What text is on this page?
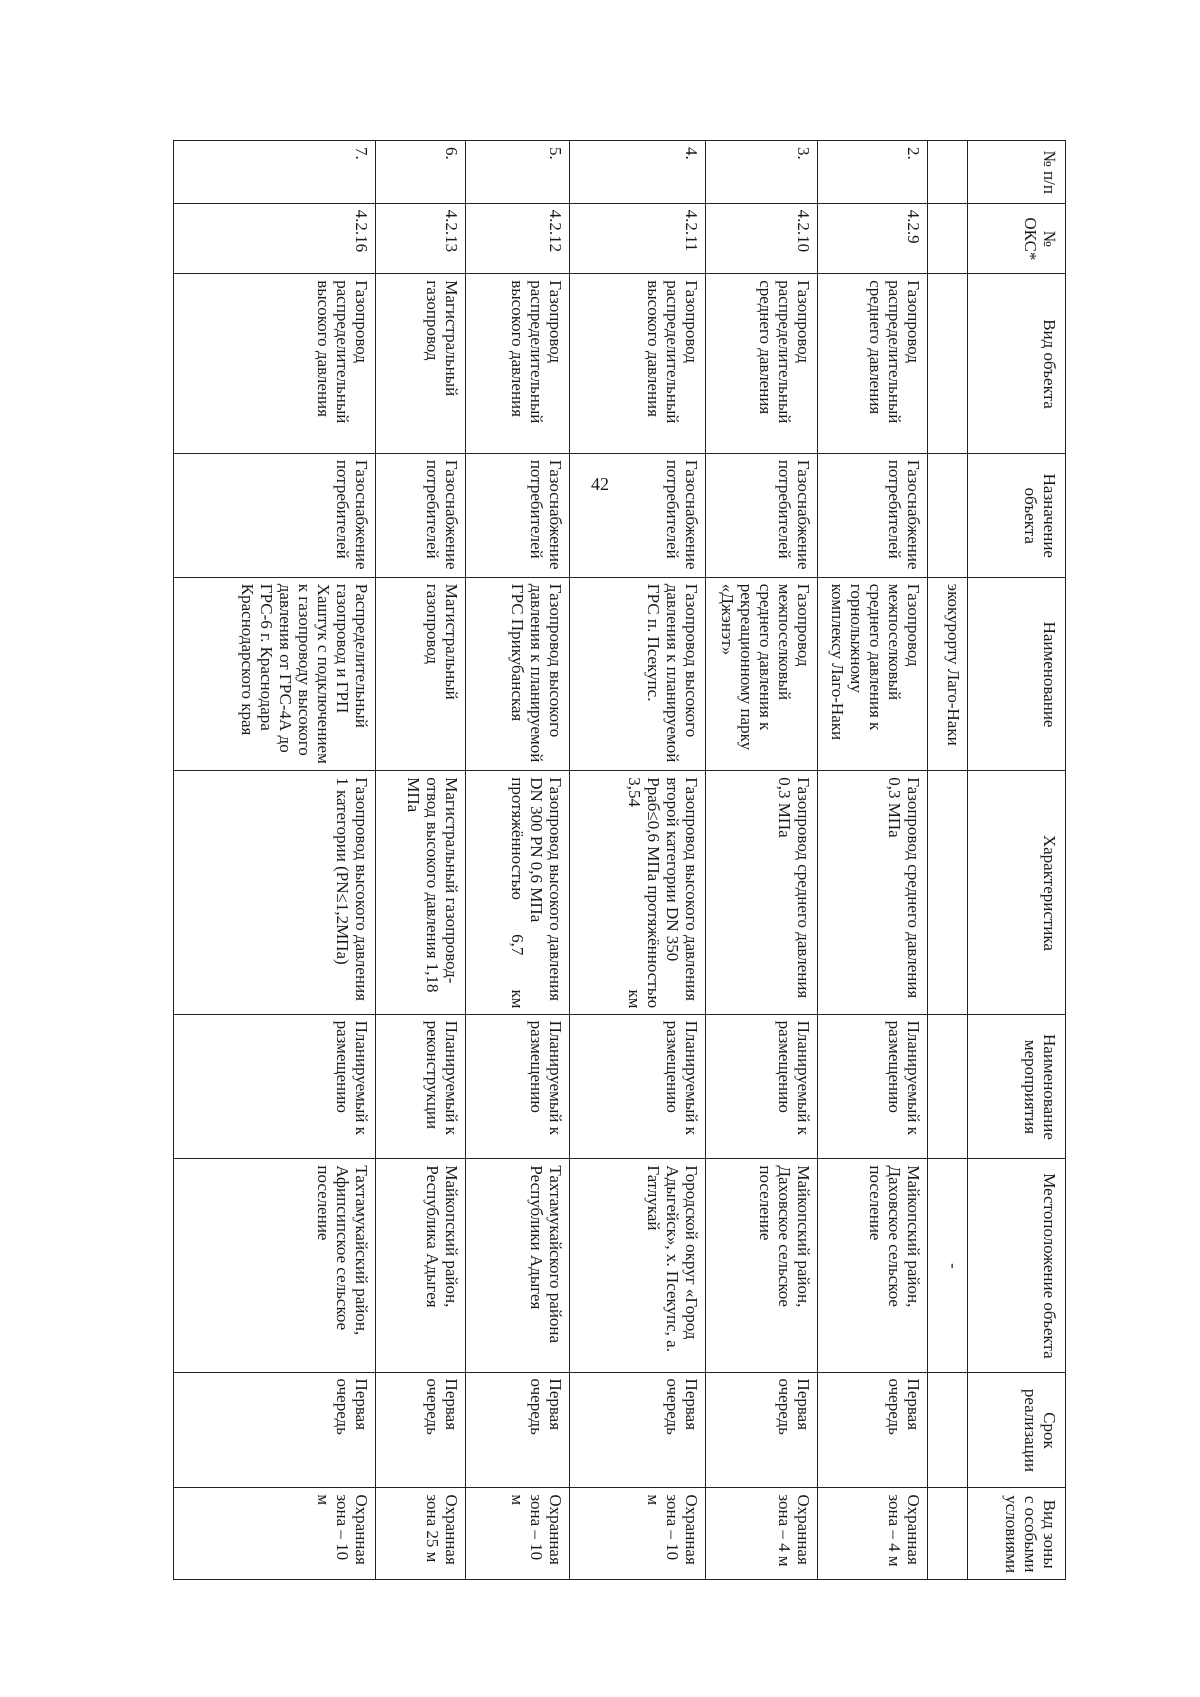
42
№ п/п	№ ОКС*	Вид объекта	Назначение объекта	Наименование	Характеристика	Наименование мероприятия	Местоположение объекта	Срок реализации	Вид зоны с особыми условиями
				экокурорту Лаго-Наки			-		
2.	4.2.9	Газопровод распределительный среднего давления	Газоснабжение потребителей	Газопровод межпоселковый среднего давления к горнолыжному комплексу Лаго-Наки	Газопровод среднего давления 0,3 МПа	Планируемый к размещению	Майкопский район, Даховское сельское поселение	Первая очередь	Охранная зона – 4 м
3.	4.2.10	Газопровод распределительный среднего давления	Газоснабжение потребителей	Газопровод межпоселковый среднего давления к рекреационному парку «Джэнэт»	Газопровод среднего давления 0,3 МПа	Планируемый к размещению	Майкопский район, Даховское сельское поселение	Первая очередь	Охранная зона – 4 м
4.	4.2.11	Газопровод распределительный высокого давления	Газоснабжение потребителей	Газопровод высокого давления к планируемой ГРС п. Псекупс.	Газопровод высокого давления второй категории DN 350 Рраб≤0,6 МПа протяжённостью 3,54 км	Планируемый к размещению	Городской округ «Город Адыгейск», х. Псекупс, а. Гатлукай	Первая очередь	Охранная зона – 10 м
5.	4.2.12	Газопровод распределительный высокого давления	Газоснабжение потребителей	Газопровод высокого давления к планируемой ГРС Прикубанская	Газопровод высокого давления DN 300 PN 0,6 МПа протяжённостью 6,7 км	Планируемый к размещению	Тахтамукайского района Республики Адыгея	Первая очередь	Охранная зона – 10 м
6.	4.2.13	Магистральный газопровод	Газоснабжение потребителей	Магистральный газопровод	Магистральный газопровод-отвод высокого давления 1,18 МПа	Планируемый к реконструкции	Майкопский район, Республика Адыгея	Первая очередь	Охранная зона 25 м
7.	4.2.16	Газопровод распределительный высокого давления	Газоснабжение потребителей	Распределительный газопровод и ГРП Хаштук с подключением к газопроводу высокого давления от ГРС-4А до ГРС-6 г. Краснодара Краснодарского края	Газопровод высокого давления 1 категории (PN≤1,2МПа)	Планируемый к размещению	Тахтамукайский район, Афипсипское сельское поселение	Первая очередь	Охранная зона – 10 м
